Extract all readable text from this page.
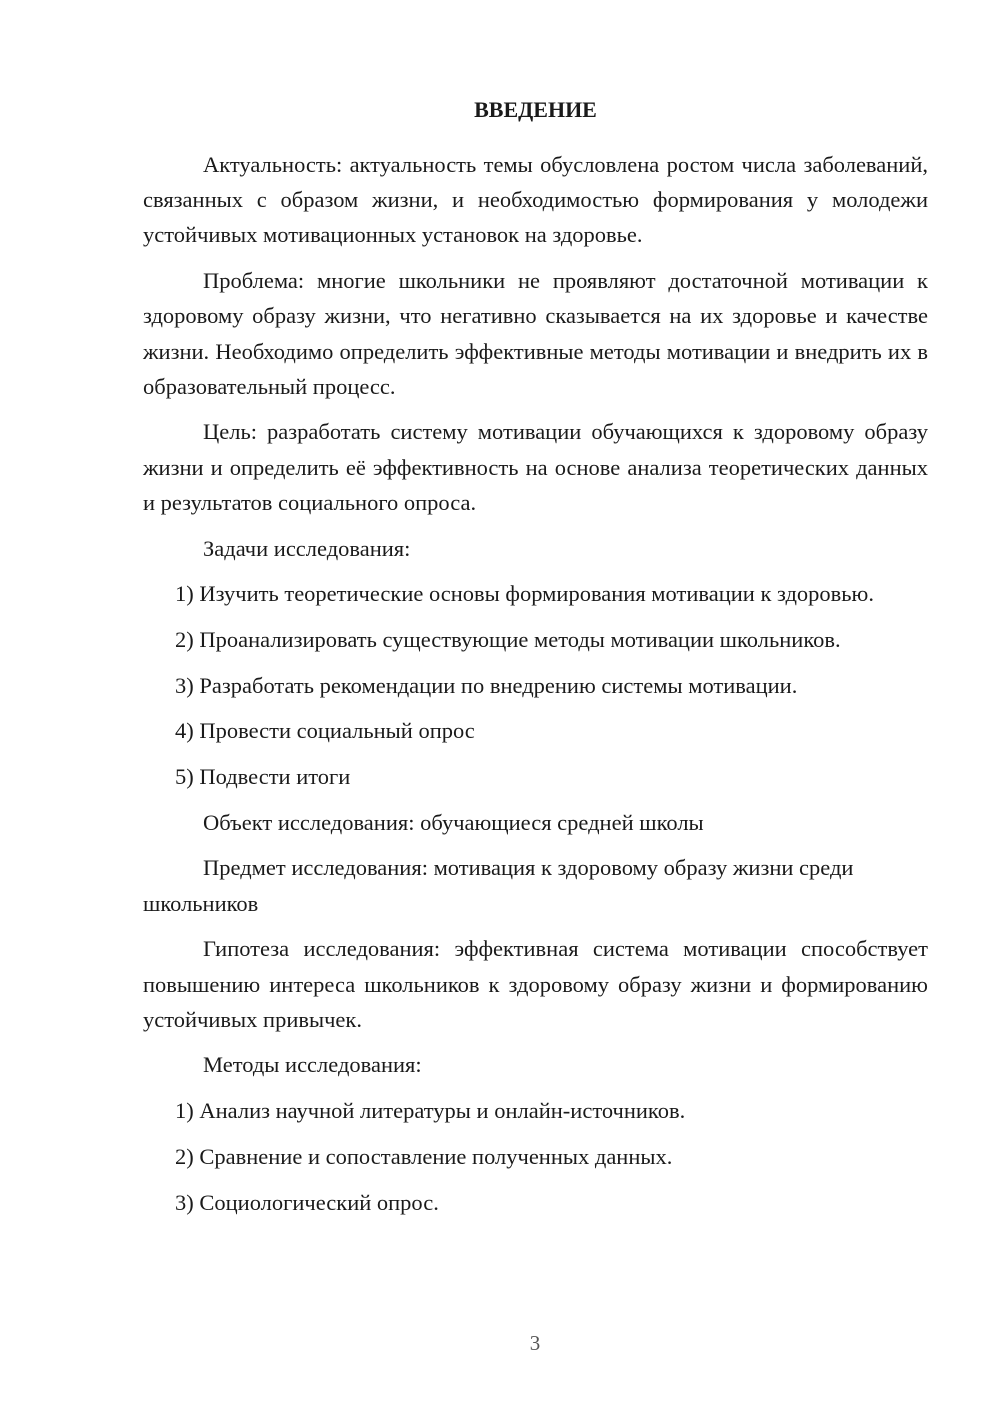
ВВЕДЕНИЕ

Актуальность: актуальность темы обусловлена ростом числа заболеваний, связанных с образом жизни, и необходимостью формирования у молодежи устойчивых мотивационных установок на здоровье.

Проблема: многие школьники не проявляют достаточной мотивации к здоровому образу жизни, что негативно сказывается на их здоровье и качестве жизни. Необходимо определить эффективные методы мотивации и внедрить их в образовательный процесс.

Цель: разработать систему мотивации обучающихся к здоровому образу жизни и определить её эффективность на основе анализа теоретических данных и результатов социального опроса.

Задачи исследования:

1) Изучить теоретические основы формирования мотивации к здоровью.

2) Проанализировать существующие методы мотивации школьников.

3) Разработать рекомендации по внедрению системы мотивации.

4) Провести социальный опрос

5) Подвести итоги

Объект исследования: обучающиеся средней школы

Предмет исследования: мотивация к здоровому образу жизни среди школьников

Гипотеза исследования: эффективная система мотивации способствует повышению интереса школьников к здоровому образу жизни и формированию устойчивых привычек.

Методы исследования:

1) Анализ научной литературы и онлайн-источников.

2) Сравнение и сопоставление полученных данных.

3) Социологический опрос.

3
